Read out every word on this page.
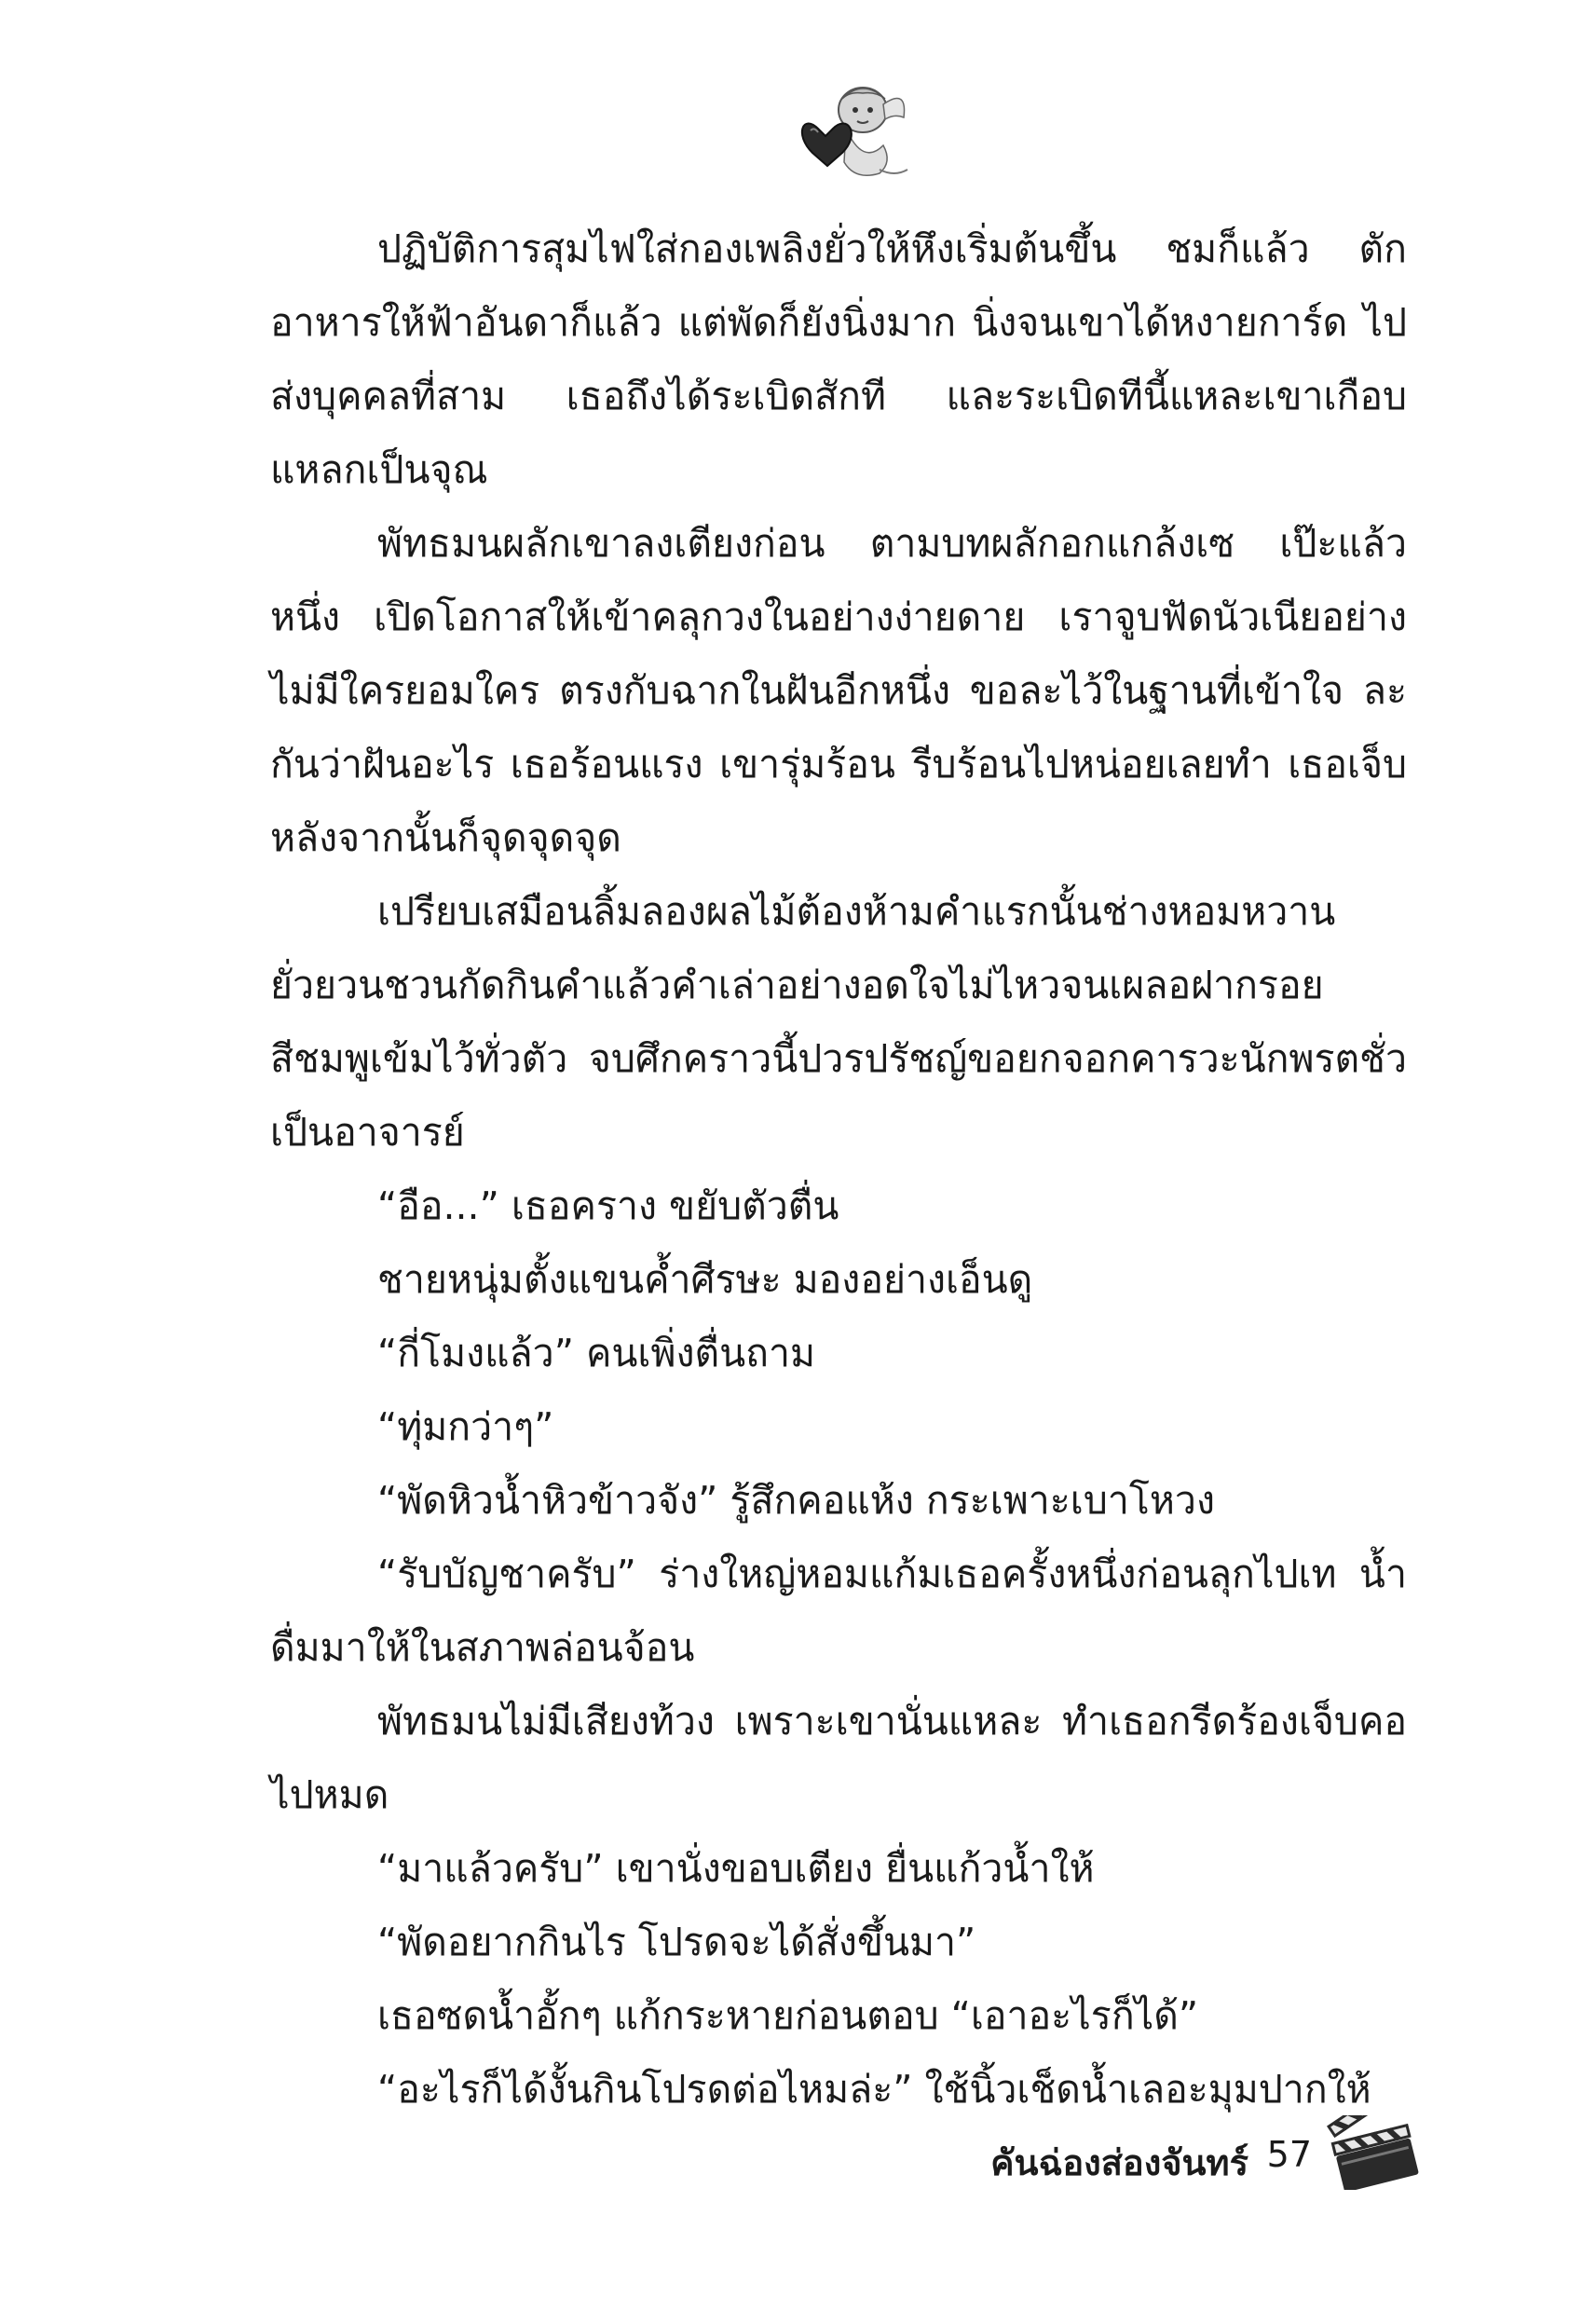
ปฏิบัติการสุมไฟใส่กองเพลิงยั่วให้หึงเริ่มต้นขึ้น ชมก็แล้ว ตักอาหารให้ฟ้าอันดาก็แล้ว แต่พัดก็ยังนิ่งมาก นิ่งจนเขาได้หงายการ์ด ไปส่งบุคคลที่สาม เธอถึงได้ระเบิดสักที และระเบิดทีนี้แหละเขาเกือบ แหลกเป็นจุณ

พัทธมนผลักเขาลงเตียงก่อน ตามบทผลักอกแกล้งเซ เป๊ะแล้ว หนึ่ง เปิดโอกาสให้เข้าคลุกวงในอย่างง่ายดาย เราจูบฟัดนัวเนียอย่าง ไม่มีใครยอมใคร ตรงกับฉากในฝันอีกหนึ่ง ขอละไว้ในฐานที่เข้าใจ ละกันว่าฝันอะไร เธอร้อนแรง เขารุ่มร้อน รีบร้อนไปหน่อยเลยทำ เธอเจ็บ หลังจากนั้นก็จุดจุดจุด

เปรียบเสมือนลิ้มลองผลไม้ต้องห้ามคำแรกนั้นช่างหอมหวาน ยั่วยวนชวนกัดกินคำแล้วคำเล่าอย่างอดใจไม่ไหวจนเผลอฝากรอย สีชมพูเข้มไว้ทั่วตัว จบศึกคราวนี้ปวรปรัชญ์ขอยกจอกคารวะนักพรตชั่ว เป็นอาจารย์

“อือ...” เธอคราง ขยับตัวตื่น

ชายหนุ่มตั้งแขนค้ำศีรษะ มองอย่างเอ็นดู

“กี่โมงแล้ว” คนเพิ่งตื่นถาม

“ทุ่มกว่าๆ”

“พัดหิวน้ำหิวข้าวจัง” รู้สึกคอแห้ง กระเพาะเบาโหวง

“รับบัญชาครับ” ร่างใหญ่หอมแก้มเธอครั้งหนึ่งก่อนลุกไปเท น้ำดื่มมาให้ในสภาพล่อนจ้อน

พัทธมนไม่มีเสียงท้วง เพราะเขานั่นแหละ ทำเธอกรีดร้องเจ็บคอ ไปหมด

“มาแล้วครับ” เขานั่งขอบเตียง ยื่นแก้วน้ำให้

“พัดอยากกินไร โปรดจะได้สั่งขึ้นมา”

เธอซดน้ำอั้กๆ แก้กระหายก่อนตอบ “เอาอะไรก็ได้”

“อะไรก็ได้งั้นกินโปรดต่อไหมล่ะ” ใช้นิ้วเช็ดน้ำเลอะมุมปากให้

คันฉ่องส่องจันทร์ 57
